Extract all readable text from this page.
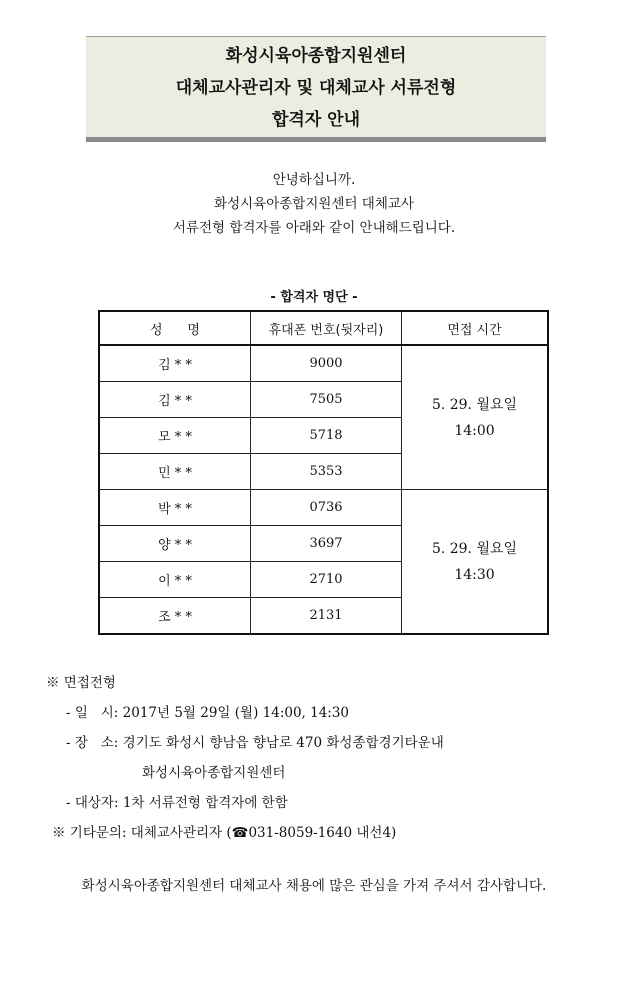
화성시육아종합지원센터
대체교사관리자 및 대체교사 서류전형
합격자 안내
안녕하십니까.
화성시육아종합지원센터 대체교사
서류전형 합격자를 아래와 같이 안내해드립니다.
- 합격자 명단 -
성      명	휴대폰 번호(뒷자리)	면접 시간
김 * *	9000	5. 29. 월요일
14:00

김 * *	7505	
모 * *	5718	
민 * *	5353	
박 * *	0736	5. 29. 월요일
14:30

양 * *	3697	
이 * *	2710	
조 * *	2131	
※ 면접전형
- 일   시: 2017년 5월 29일 (월) 14:00, 14:30
- 장   소: 경기도 화성시 향남읍 향남로 470 화성종합경기타운내
화성시육아종합지원센터
- 대상자: 1차 서류전형 합격자에 한함
※ 기타문의: 대체교사관리자 (☎031-8059-1640 내선4)
화성시육아종합지원센터 대체교사 채용에 많은 관심을 가져 주셔서 감사합니다.
